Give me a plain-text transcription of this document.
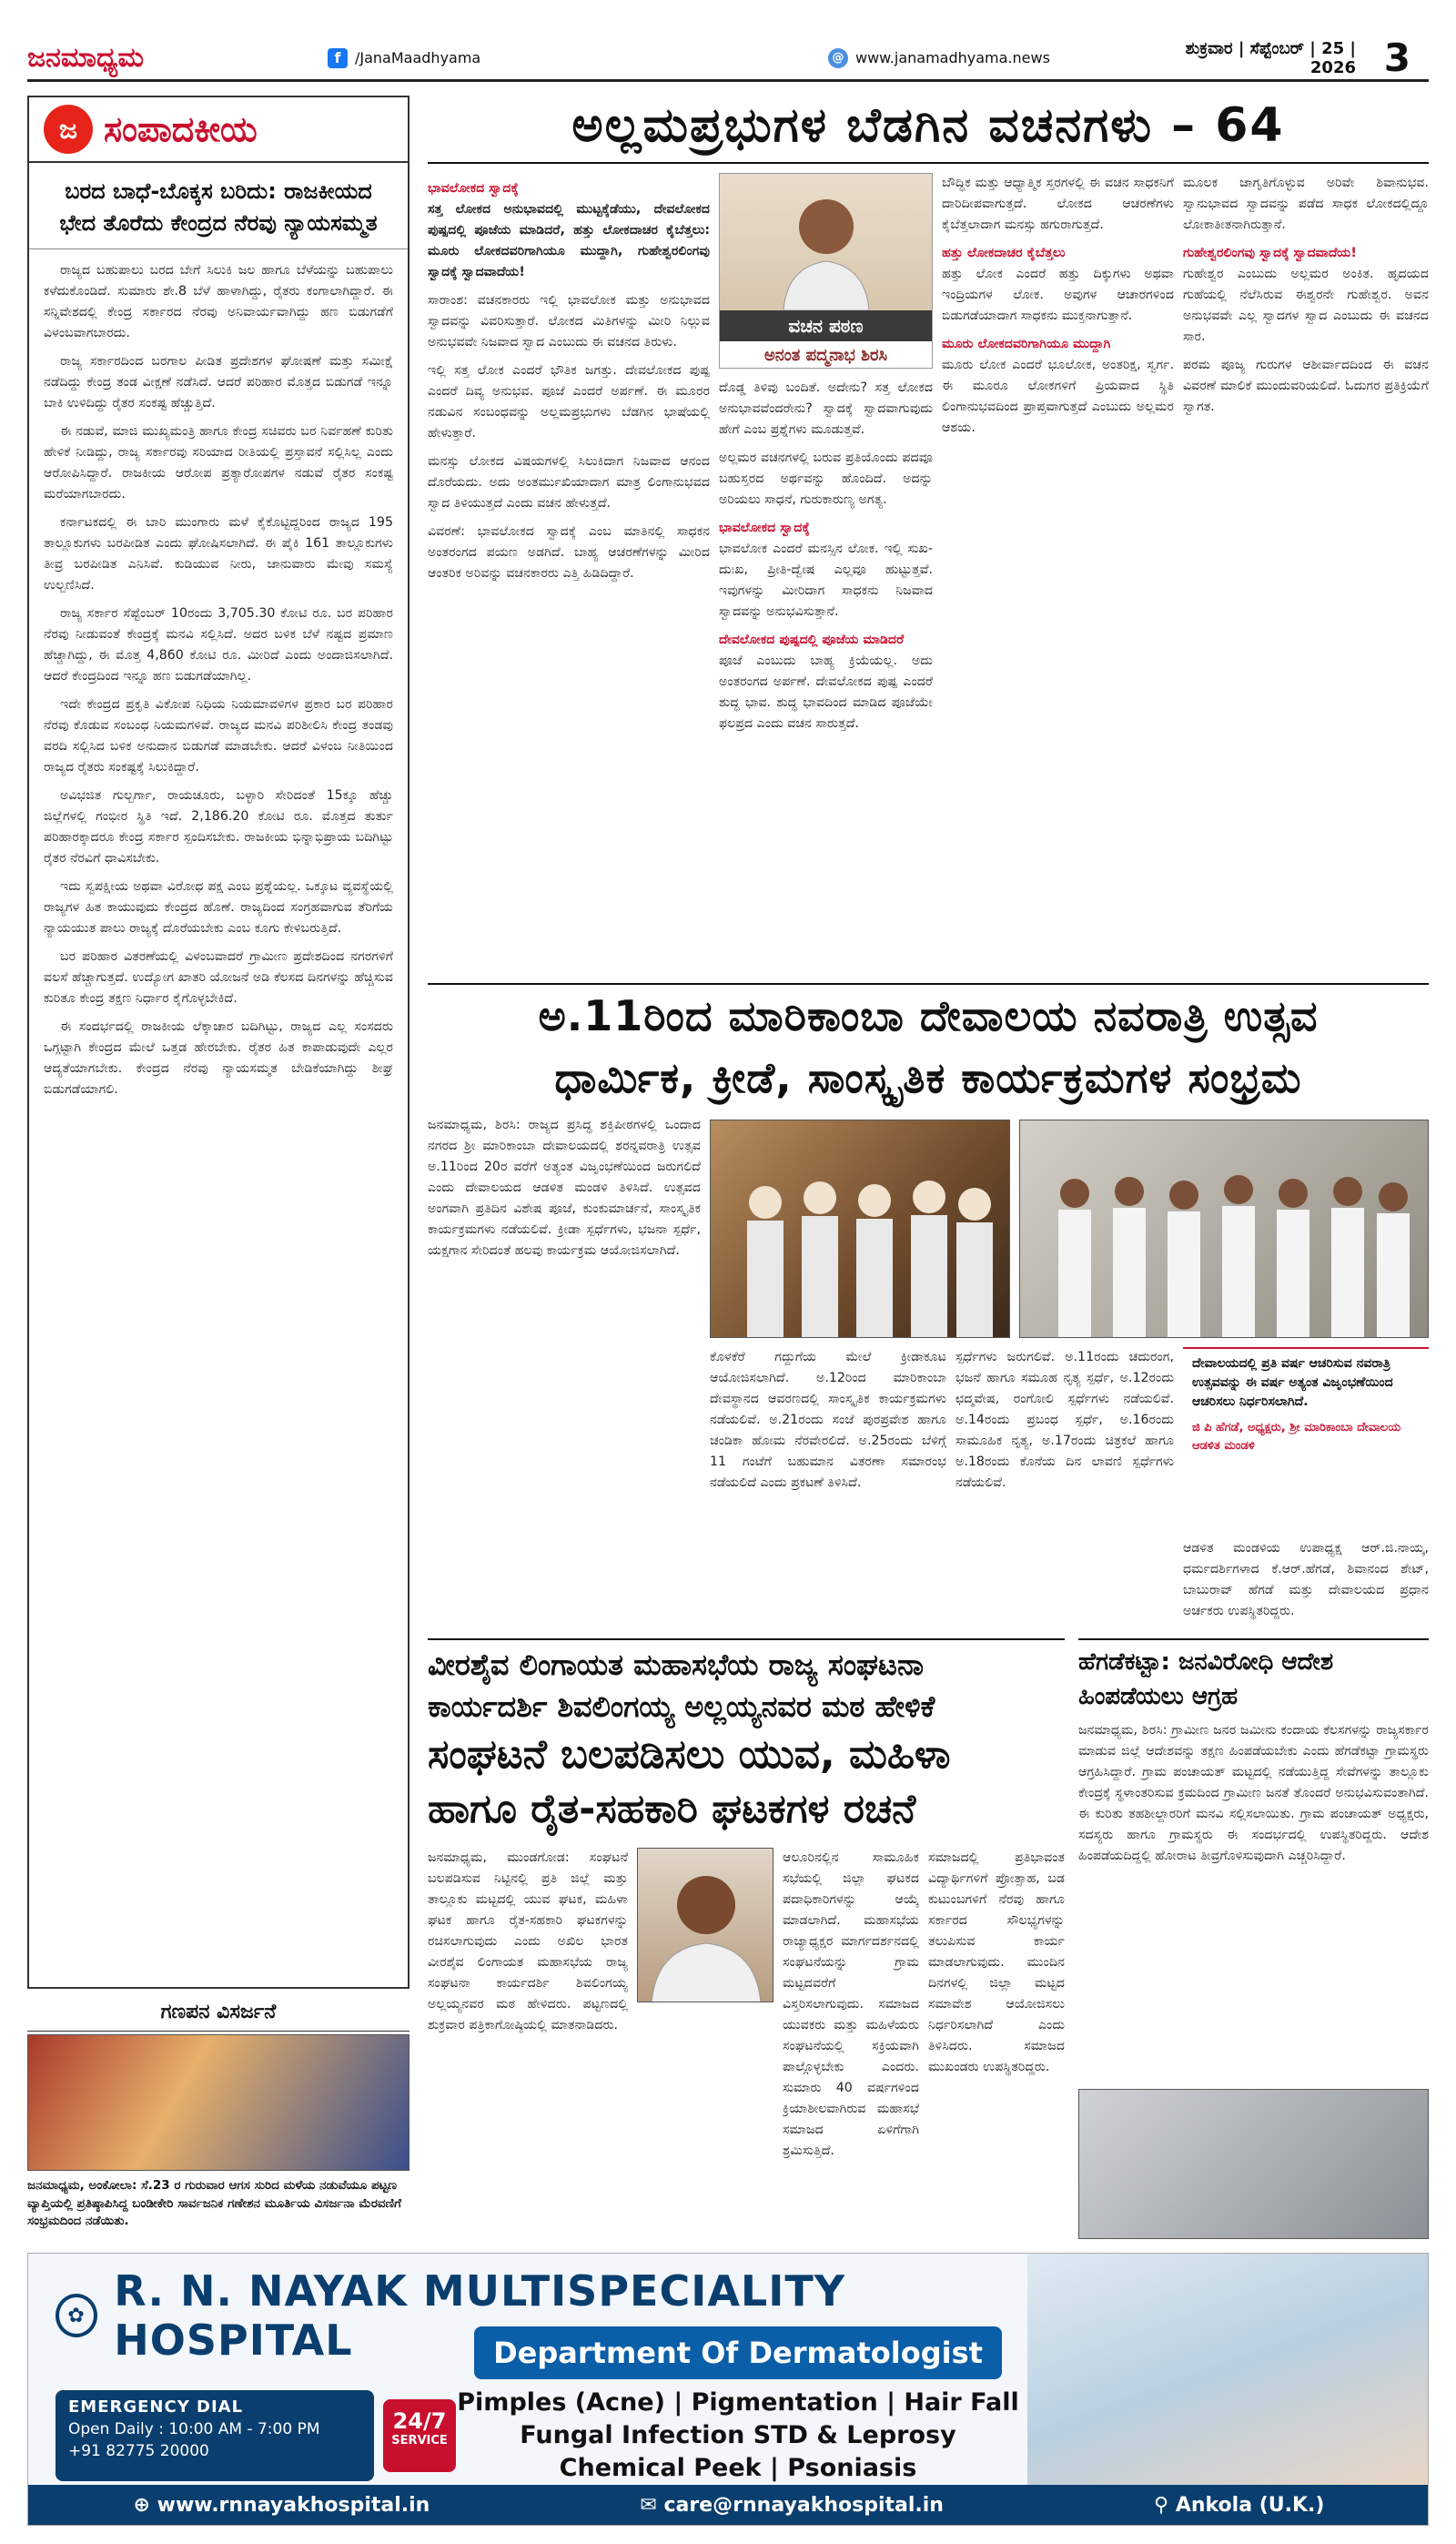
ಜನಮಾಧ್ಯಮ	f /JanaMaadhyama	@ www.janamadhyama.news	ಶುಕ್ರವಾರ | ಸೆಪ್ಟೆಂಬರ್ | 25 | 2026 3
ಜ ಸಂಪಾದಕೀಯ
ಬರದ ಬಾಧೆ-ಬೊಕ್ಕಸ ಬರಿದು: ರಾಜಕೀಯದ ಭೇದ ತೊರೆದು ಕೇಂದ್ರದ ನೆರವು ನ್ಯಾಯಸಮ್ಮತ

ರಾಜ್ಯದ ಬಹುಪಾಲು ಬರದ ಬೇಗೆ ಸಿಲುಕಿ ಜಲ ಹಾಗೂ ಬೆಳೆಯನ್ನು ಬಹುಪಾಲು ಕಳೆದುಕೊಂಡಿದೆ. ಸುಮಾರು ಶೇ.8 ಬೆಳೆ ಹಾಳಾಗಿದ್ದು, ರೈತರು ಕಂಗಾಲಾಗಿದ್ದಾರೆ. ಈ ಸನ್ನಿವೇಶದಲ್ಲಿ ಕೇಂದ್ರ ಸರ್ಕಾರದ ನೆರವು ಅನಿವಾರ್ಯವಾಗಿದ್ದು ಹಣ ಬಿಡುಗಡೆಗೆ ವಿಳಂಬವಾಗಬಾರದು.

ರಾಜ್ಯ ಸರ್ಕಾರದಿಂದ ಬರಗಾಲ ಪೀಡಿತ ಪ್ರದೇಶಗಳ ಘೋಷಣೆ ಮತ್ತು ಸಮೀಕ್ಷೆ ನಡೆದಿದ್ದು ಕೇಂದ್ರ ತಂಡ ವೀಕ್ಷಣೆ ನಡೆಸಿದೆ. ಆದರೆ ಪರಿಹಾರ ಮೊತ್ತದ ಬಿಡುಗಡೆ ಇನ್ನೂ ಬಾಕಿ ಉಳಿದಿದ್ದು ರೈತರ ಸಂಕಷ್ಟ ಹೆಚ್ಚುತ್ತಿದೆ.

ಈ ನಡುವೆ, ಮಾಜಿ ಮುಖ್ಯಮಂತ್ರಿ ಹಾಗೂ ಕೇಂದ್ರ ಸಚಿವರು ಬರ ನಿರ್ವಹಣೆ ಕುರಿತು ಹೇಳಿಕೆ ನೀಡಿದ್ದು, ರಾಜ್ಯ ಸರ್ಕಾರವು ಸರಿಯಾದ ರೀತಿಯಲ್ಲಿ ಪ್ರಸ್ತಾವನೆ ಸಲ್ಲಿಸಿಲ್ಲ ಎಂದು ಆರೋಪಿಸಿದ್ದಾರೆ. ರಾಜಕೀಯ ಆರೋಪ ಪ್ರತ್ಯಾರೋಪಗಳ ನಡುವೆ ರೈತರ ಸಂಕಷ್ಟ ಮರೆಯಾಗಬಾರದು.

ಕರ್ನಾಟಕದಲ್ಲಿ ಈ ಬಾರಿ ಮುಂಗಾರು ಮಳೆ ಕೈಕೊಟ್ಟಿದ್ದರಿಂದ ರಾಜ್ಯದ 195 ತಾಲ್ಲೂಕುಗಳು ಬರಪೀಡಿತ ಎಂದು ಘೋಷಿಸಲಾಗಿದೆ. ಈ ಪೈಕಿ 161 ತಾಲ್ಲೂಕುಗಳು ತೀವ್ರ ಬರಪೀಡಿತ ಎನಿಸಿವೆ. ಕುಡಿಯುವ ನೀರು, ಜಾನುವಾರು ಮೇವು ಸಮಸ್ಯೆ ಉಲ್ಬಣಿಸಿದೆ.

ರಾಜ್ಯ ಸರ್ಕಾರ ಸೆಪ್ಟೆಂಬರ್ 10ರಂದು 3,705.30 ಕೋಟಿ ರೂ. ಬರ ಪರಿಹಾರ ನೆರವು ನೀಡುವಂತೆ ಕೇಂದ್ರಕ್ಕೆ ಮನವಿ ಸಲ್ಲಿಸಿದೆ. ಅದರ ಬಳಿಕ ಬೆಳೆ ನಷ್ಟದ ಪ್ರಮಾಣ ಹೆಚ್ಚಾಗಿದ್ದು, ಈ ಮೊತ್ತ 4,860 ಕೋಟಿ ರೂ. ಮೀರಿದೆ ಎಂದು ಅಂದಾಜಿಸಲಾಗಿದೆ. ಆದರೆ ಕೇಂದ್ರದಿಂದ ಇನ್ನೂ ಹಣ ಬಿಡುಗಡೆಯಾಗಿಲ್ಲ.

ಇದೇ ಕೇಂದ್ರದ ಪ್ರಕೃತಿ ವಿಕೋಪ ನಿಧಿಯ ನಿಯಮಾವಳಿಗಳ ಪ್ರಕಾರ ಬರ ಪರಿಹಾರ ನೆರವು ಕೊಡುವ ಸಂಬಂಧ ನಿಯಮಗಳಿವೆ. ರಾಜ್ಯದ ಮನವಿ ಪರಿಶೀಲಿಸಿ ಕೇಂದ್ರ ತಂಡವು ವರದಿ ಸಲ್ಲಿಸಿದ ಬಳಿಕ ಅನುದಾನ ಬಿಡುಗಡೆ ಮಾಡಬೇಕು. ಆದರೆ ವಿಳಂಬ ನೀತಿಯಿಂದ ರಾಜ್ಯದ ರೈತರು ಸಂಕಷ್ಟಕ್ಕೆ ಸಿಲುಕಿದ್ದಾರೆ.

ಅವಿಭಜಿತ ಗುಲ್ಬರ್ಗಾ, ರಾಯಚೂರು, ಬಳ್ಳಾರಿ ಸೇರಿದಂತೆ 15ಕ್ಕೂ ಹೆಚ್ಚು ಜಿಲ್ಲೆಗಳಲ್ಲಿ ಗಂಭೀರ ಸ್ಥಿತಿ ಇದೆ. 2,186.20 ಕೋಟಿ ರೂ. ಮೊತ್ತದ ತುರ್ತು ಪರಿಹಾರಕ್ಕಾದರೂ ಕೇಂದ್ರ ಸರ್ಕಾರ ಸ್ಪಂದಿಸಬೇಕು. ರಾಜಕೀಯ ಭಿನ್ನಾಭಿಪ್ರಾಯ ಬದಿಗಿಟ್ಟು ರೈತರ ನೆರವಿಗೆ ಧಾವಿಸಬೇಕು.

ಇದು ಸ್ವಪಕ್ಷೀಯ ಅಥವಾ ವಿರೋಧ ಪಕ್ಷ ಎಂಬ ಪ್ರಶ್ನೆಯಲ್ಲ. ಒಕ್ಕೂಟ ವ್ಯವಸ್ಥೆಯಲ್ಲಿ ರಾಜ್ಯಗಳ ಹಿತ ಕಾಯುವುದು ಕೇಂದ್ರದ ಹೊಣೆ. ರಾಜ್ಯದಿಂದ ಸಂಗ್ರಹವಾಗುವ ತೆರಿಗೆಯ ನ್ಯಾಯಯುತ ಪಾಲು ರಾಜ್ಯಕ್ಕೆ ದೊರೆಯಬೇಕು ಎಂಬ ಕೂಗು ಕೇಳಿಬರುತ್ತಿದೆ.

ಬರ ಪರಿಹಾರ ವಿತರಣೆಯಲ್ಲಿ ವಿಳಂಬವಾದರೆ ಗ್ರಾಮೀಣ ಪ್ರದೇಶದಿಂದ ನಗರಗಳಿಗೆ ವಲಸೆ ಹೆಚ್ಚಾಗುತ್ತದೆ. ಉದ್ಯೋಗ ಖಾತರಿ ಯೋಜನೆ ಅಡಿ ಕೆಲಸದ ದಿನಗಳನ್ನು ಹೆಚ್ಚಿಸುವ ಕುರಿತೂ ಕೇಂದ್ರ ತಕ್ಷಣ ನಿರ್ಧಾರ ಕೈಗೊಳ್ಳಬೇಕಿದೆ.

ಈ ಸಂದರ್ಭದಲ್ಲಿ ರಾಜಕೀಯ ಲೆಕ್ಕಾಚಾರ ಬದಿಗಿಟ್ಟು, ರಾಜ್ಯದ ಎಲ್ಲ ಸಂಸದರು ಒಗ್ಗಟ್ಟಾಗಿ ಕೇಂದ್ರದ ಮೇಲೆ ಒತ್ತಡ ಹೇರಬೇಕು. ರೈತರ ಹಿತ ಕಾಪಾಡುವುದೇ ಎಲ್ಲರ ಆದ್ಯತೆಯಾಗಬೇಕು. ಕೇಂದ್ರದ ನೆರವು ನ್ಯಾಯಸಮ್ಮತ ಬೇಡಿಕೆಯಾಗಿದ್ದು ಶೀಘ್ರ ಬಿಡುಗಡೆಯಾಗಲಿ.

ಅಲ್ಲಮಪ್ರಭುಗಳ ಬೆಡಗಿನ ವಚನಗಳು – 64
ಭಾವಲೋಕದ ಸ್ವಾದಕ್ಕೆ

ಸತ್ತ ಲೋಕದ ಅನುಭಾವದಲ್ಲಿ ಮುಟ್ಟಕ್ಕೆಡೆಯು, ದೇವಲೋಕದ ಪುಷ್ಪದಲ್ಲಿ ಪೂಜೆಯ ಮಾಡಿದರೆ, ಹತ್ತು ಲೋಕದಾಚರ ಕೈಬೆತ್ತಲು: ಮೂರು ಲೋಕದವರಿಗಾಗಿಯೂ ಮುದ್ದಾಗಿ, ಗುಹೇಶ್ವರಲಿಂಗವು ಸ್ವಾದಕ್ಕೆ ಸ್ವಾದವಾದೆಯ!

ಸಾರಾಂಶ: ವಚನಕಾರರು ಇಲ್ಲಿ ಭಾವಲೋಕ ಮತ್ತು ಅನುಭಾವದ ಸ್ವಾದವನ್ನು ವಿವರಿಸುತ್ತಾರೆ. ಲೋಕದ ಮಿತಿಗಳನ್ನು ಮೀರಿ ನಿಲ್ಲುವ ಅನುಭವವೇ ನಿಜವಾದ ಸ್ವಾದ ಎಂಬುದು ಈ ವಚನದ ತಿರುಳು.

ಇಲ್ಲಿ ಸತ್ತ ಲೋಕ ಎಂದರೆ ಭೌತಿಕ ಜಗತ್ತು. ದೇವಲೋಕದ ಪುಷ್ಪ ಎಂದರೆ ದಿವ್ಯ ಅನುಭವ. ಪೂಜೆ ಎಂದರೆ ಅರ್ಪಣೆ. ಈ ಮೂರರ ನಡುವಿನ ಸಂಬಂಧವನ್ನು ಅಲ್ಲಮಪ್ರಭುಗಳು ಬೆಡಗಿನ ಭಾಷೆಯಲ್ಲಿ ಹೇಳುತ್ತಾರೆ.

ಮನಸ್ಸು ಲೋಕದ ವಿಷಯಗಳಲ್ಲಿ ಸಿಲುಕಿದಾಗ ನಿಜವಾದ ಆನಂದ ದೊರೆಯದು. ಅದು ಅಂತರ್ಮುಖಿಯಾದಾಗ ಮಾತ್ರ ಲಿಂಗಾನುಭವದ ಸ್ವಾದ ತಿಳಿಯುತ್ತದೆ ಎಂದು ವಚನ ಹೇಳುತ್ತದೆ.

ವಿವರಣೆ: ಭಾವಲೋಕದ ಸ್ವಾದಕ್ಕೆ ಎಂಬ ಮಾತಿನಲ್ಲಿ ಸಾಧಕನ ಅಂತರಂಗದ ಪಯಣ ಅಡಗಿದೆ. ಬಾಹ್ಯ ಆಚರಣೆಗಳನ್ನು ಮೀರಿದ ಆಂತರಿಕ ಅರಿವನ್ನು ವಚನಕಾರರು ಎತ್ತಿ ಹಿಡಿದಿದ್ದಾರೆ.

ವಚನ ಪಠಣ
ಅನಂತ ಪದ್ಮನಾಭ ಶಿರಸಿ

ದೊಡ್ಡ ತಿಳಿವು ಬಂದಿತೆ. ಅದೇನು? ಸತ್ತ ಲೋಕದ ಅನುಭಾವವೆಂದರೇನು? ಸ್ವಾದಕ್ಕೆ ಸ್ವಾದವಾಗುವುದು ಹೇಗೆ ಎಂಬ ಪ್ರಶ್ನೆಗಳು ಮೂಡುತ್ತವೆ.

ಅಲ್ಲಮರ ವಚನಗಳಲ್ಲಿ ಬರುವ ಪ್ರತಿಯೊಂದು ಪದವೂ ಬಹುಸ್ತರದ ಅರ್ಥವನ್ನು ಹೊಂದಿದೆ. ಅದನ್ನು ಅರಿಯಲು ಸಾಧನೆ, ಗುರುಕಾರುಣ್ಯ ಅಗತ್ಯ.

ಭಾವಲೋಕದ ಸ್ವಾದಕ್ಕೆ

ಭಾವಲೋಕ ಎಂದರೆ ಮನಸ್ಸಿನ ಲೋಕ. ಇಲ್ಲಿ ಸುಖ-ದುಃಖ, ಪ್ರೀತಿ-ದ್ವೇಷ ಎಲ್ಲವೂ ಹುಟ್ಟುತ್ತವೆ. ಇವುಗಳನ್ನು ಮೀರಿದಾಗ ಸಾಧಕನು ನಿಜವಾದ ಸ್ವಾದವನ್ನು ಅನುಭವಿಸುತ್ತಾನೆ.

ದೇವಲೋಕದ ಪುಷ್ಪದಲ್ಲಿ ಪೂಜೆಯ ಮಾಡಿದರೆ

ಪೂಜೆ ಎಂಬುದು ಬಾಹ್ಯ ಕ್ರಿಯೆಯಲ್ಲ. ಅದು ಅಂತರಂಗದ ಅರ್ಪಣೆ. ದೇವಲೋಕದ ಪುಷ್ಪ ಎಂದರೆ ಶುದ್ಧ ಭಾವ. ಶುದ್ಧ ಭಾವದಿಂದ ಮಾಡಿದ ಪೂಜೆಯೇ ಫಲಪ್ರದ ಎಂದು ವಚನ ಸಾರುತ್ತದೆ.

ಬೌದ್ಧಿಕ ಮತ್ತು ಆಧ್ಯಾತ್ಮಿಕ ಸ್ತರಗಳಲ್ಲಿ ಈ ವಚನ ಸಾಧಕನಿಗೆ ದಾರಿದೀಪವಾಗುತ್ತದೆ. ಲೋಕದ ಆಚರಣೆಗಳು ಕೈಬೆತ್ತಲಾದಾಗ ಮನಸ್ಸು ಹಗುರಾಗುತ್ತದೆ.

ಹತ್ತು ಲೋಕದಾಚರ ಕೈಬೆತ್ತಲು

ಹತ್ತು ಲೋಕ ಎಂದರೆ ಹತ್ತು ದಿಕ್ಕುಗಳು ಅಥವಾ ಇಂದ್ರಿಯಗಳ ಲೋಕ. ಅವುಗಳ ಆಚಾರಗಳಿಂದ ಬಿಡುಗಡೆಯಾದಾಗ ಸಾಧಕನು ಮುಕ್ತನಾಗುತ್ತಾನೆ.

ಮೂರು ಲೋಕದವರಿಗಾಗಿಯೂ ಮುದ್ದಾಗಿ

ಮೂರು ಲೋಕ ಎಂದರೆ ಭೂಲೋಕ, ಅಂತರಿಕ್ಷ, ಸ್ವರ್ಗ. ಈ ಮೂರೂ ಲೋಕಗಳಿಗೆ ಪ್ರಿಯವಾದ ಸ್ಥಿತಿ ಲಿಂಗಾನುಭವದಿಂದ ಪ್ರಾಪ್ತವಾಗುತ್ತದೆ ಎಂಬುದು ಅಲ್ಲಮರ ಆಶಯ.

ಮೂಲಕ ಜಾಗೃತಿಗೊಳ್ಳುವ ಅರಿವೇ ಶಿವಾನುಭವ. ಸ್ವಾನುಭಾವದ ಸ್ವಾದವನ್ನು ಪಡೆದ ಸಾಧಕ ಲೋಕದಲ್ಲಿದ್ದೂ ಲೋಕಾತೀತನಾಗಿರುತ್ತಾನೆ.

ಗುಹೇಶ್ವರಲಿಂಗವು ಸ್ವಾದಕ್ಕೆ ಸ್ವಾದವಾದೆಯ!

ಗುಹೇಶ್ವರ ಎಂಬುದು ಅಲ್ಲಮರ ಅಂಕಿತ. ಹೃದಯದ ಗುಹೆಯಲ್ಲಿ ನೆಲೆಸಿರುವ ಈಶ್ವರನೇ ಗುಹೇಶ್ವರ. ಅವನ ಅನುಭವವೇ ಎಲ್ಲ ಸ್ವಾದಗಳ ಸ್ವಾದ ಎಂಬುದು ಈ ವಚನದ ಸಾರ.

ಪರಮ ಪೂಜ್ಯ ಗುರುಗಳ ಆಶೀರ್ವಾದದಿಂದ ಈ ವಚನ ವಿವರಣೆ ಮಾಲಿಕೆ ಮುಂದುವರಿಯಲಿದೆ. ಓದುಗರ ಪ್ರತಿಕ್ರಿಯೆಗೆ ಸ್ವಾಗತ.

ಅ.11ರಿಂದ ಮಾರಿಕಾಂಬಾ ದೇವಾಲಯ ನವರಾತ್ರಿ ಉತ್ಸವ
ಧಾರ್ಮಿಕ, ಕ್ರೀಡೆ, ಸಾಂಸ್ಕೃತಿಕ ಕಾರ್ಯಕ್ರಮಗಳ ಸಂಭ್ರಮ

ಜನಮಾಧ್ಯಮ, ಶಿರಸಿ: ರಾಜ್ಯದ ಪ್ರಸಿದ್ಧ ಶಕ್ತಿಪೀಠಗಳಲ್ಲಿ ಒಂದಾದ ನಗರದ ಶ್ರೀ ಮಾರಿಕಾಂಬಾ ದೇವಾಲಯದಲ್ಲಿ ಶರನ್ನವರಾತ್ರಿ ಉತ್ಸವ ಅ.11ರಿಂದ 20ರ ವರೆಗೆ ಅತ್ಯಂತ ವಿಜೃಂಭಣೆಯಿಂದ ಜರುಗಲಿದೆ ಎಂದು ದೇವಾಲಯದ ಆಡಳಿತ ಮಂಡಳಿ ತಿಳಿಸಿದೆ. ಉತ್ಸವದ ಅಂಗವಾಗಿ ಪ್ರತಿದಿನ ವಿಶೇಷ ಪೂಜೆ, ಕುಂಕುಮಾರ್ಚನೆ, ಸಾಂಸ್ಕೃತಿಕ ಕಾರ್ಯಕ್ರಮಗಳು ನಡೆಯಲಿವೆ. ಕ್ರೀಡಾ ಸ್ಪರ್ಧೆಗಳು, ಭಜನಾ ಸ್ಪರ್ಧೆ, ಯಕ್ಷಗಾನ ಸೇರಿದಂತೆ ಹಲವು ಕಾರ್ಯಕ್ರಮ ಆಯೋಜಿಸಲಾಗಿದೆ.

ಕೊಳಕೆರೆ ಗದ್ದುಗೆಯ ಮೇಲೆ ಕ್ರೀಡಾಕೂಟ ಆಯೋಜಿಸಲಾಗಿದೆ. ಅ.12ರಿಂದ ಮಾರಿಕಾಂಬಾ ದೇವಸ್ಥಾನದ ಆವರಣದಲ್ಲಿ ಸಾಂಸ್ಕೃತಿಕ ಕಾರ್ಯಕ್ರಮಗಳು ನಡೆಯಲಿವೆ. ಅ.21ರಂದು ಸಂಜೆ ಪುರಪ್ರವೇಶ ಹಾಗೂ ಚಂಡಿಕಾ ಹೋಮ ನೆರವೇರಲಿದೆ. ಅ.25ರಂದು ಬೆಳಿಗ್ಗೆ 11 ಗಂಟೆಗೆ ಬಹುಮಾನ ವಿತರಣಾ ಸಮಾರಂಭ ನಡೆಯಲಿದೆ ಎಂದು ಪ್ರಕಟಣೆ ತಿಳಿಸಿದೆ.

ಸ್ಪರ್ಧೆಗಳು ಜರುಗಲಿವೆ. ಅ.11ರಂದು ಚದುರಂಗ, ಭಜನೆ ಹಾಗೂ ಸಮೂಹ ನೃತ್ಯ ಸ್ಪರ್ಧೆ, ಅ.12ರಂದು ಛದ್ಮವೇಷ, ರಂಗೋಲಿ ಸ್ಪರ್ಧೆಗಳು ನಡೆಯಲಿವೆ. ಅ.14ರಂದು ಪ್ರಬಂಧ ಸ್ಪರ್ಧೆ, ಅ.16ರಂದು ಸಾಮೂಹಿಕ ನೃತ್ಯ, ಅ.17ರಂದು ಚಿತ್ರಕಲೆ ಹಾಗೂ ಅ.18ರಂದು ಕೊನೆಯ ದಿನ ಲಾವಣಿ ಸ್ಪರ್ಧೆಗಳು ನಡೆಯಲಿವೆ.

ದೇವಾಲಯದಲ್ಲಿ ಪ್ರತಿ ವರ್ಷ ಆಚರಿಸುವ ನವರಾತ್ರಿ ಉತ್ಸವವನ್ನು ಈ ವರ್ಷ ಅತ್ಯಂತ ವಿಜೃಂಭಣೆಯಿಂದ ಆಚರಿಸಲು ನಿರ್ಧರಿಸಲಾಗಿದೆ.
ಜಿ ಪಿ ಹೆಗಡೆ, ಅಧ್ಯಕ್ಷರು, ಶ್ರೀ ಮಾರಿಕಾಂಬಾ ದೇವಾಲಯ ಆಡಳಿತ ಮಂಡಳಿ

ಆಡಳಿತ ಮಂಡಳಿಯ ಉಪಾಧ್ಯಕ್ಷ ಆರ್.ಜಿ.ನಾಯ್ಕ, ಧರ್ಮದರ್ಶಿಗಳಾದ ಕೆ.ಆರ್.ಹೆಗಡೆ, ಶಿವಾನಂದ ಶೇಟ್, ಬಾಬುರಾವ್ ಹೆಗಡೆ ಮತ್ತು ದೇವಾಲಯದ ಪ್ರಧಾನ ಅರ್ಚಕರು ಉಪಸ್ಥಿತರಿದ್ದರು.

ಗಣಪನ ವಿಸರ್ಜನೆ
ಜನಮಾಧ್ಯಮ, ಅಂಕೋಲಾ: ಸೆ.23 ರ ಗುರುವಾರ ಆಗಸ ಸುರಿದ ಮಳೆಯ ನಡುವೆಯೂ ಪಟ್ಟಣ ವ್ಯಾಪ್ತಿಯಲ್ಲಿ ಪ್ರತಿಷ್ಠಾಪಿಸಿದ್ದ ಬಂಡೀಕೇರಿ ಸಾರ್ವಜನಿಕ ಗಣೇಶನ ಮೂರ್ತಿಯ ವಿಸರ್ಜನಾ ಮೆರವಣಿಗೆ ಸಂಭ್ರಮದಿಂದ ನಡೆಯಿತು.
ವೀರಶೈವ ಲಿಂಗಾಯತ ಮಹಾಸಭೆಯ ರಾಜ್ಯ ಸಂಘಟನಾ
ಕಾರ್ಯದರ್ಶಿ ಶಿವಲಿಂಗಯ್ಯ ಅಲ್ಲಯ್ಯನವರ ಮಠ ಹೇಳಿಕೆ
ಸಂಘಟನೆ ಬಲಪಡಿಸಲು ಯುವ, ಮಹಿಳಾ
ಹಾಗೂ ರೈತ-ಸಹಕಾರಿ ಘಟಕಗಳ ರಚನೆ

ಜನಮಾಧ್ಯಮ, ಮುಂಡಗೋಡ: ಸಂಘಟನೆ ಬಲಪಡಿಸುವ ನಿಟ್ಟಿನಲ್ಲಿ ಪ್ರತಿ ಜಿಲ್ಲೆ ಮತ್ತು ತಾಲ್ಲೂಕು ಮಟ್ಟದಲ್ಲಿ ಯುವ ಘಟಕ, ಮಹಿಳಾ ಘಟಕ ಹಾಗೂ ರೈತ-ಸಹಕಾರಿ ಘಟಕಗಳನ್ನು ರಚಿಸಲಾಗುವುದು ಎಂದು ಅಖಿಲ ಭಾರತ ವೀರಶೈವ ಲಿಂಗಾಯತ ಮಹಾಸಭೆಯ ರಾಜ್ಯ ಸಂಘಟನಾ ಕಾರ್ಯದರ್ಶಿ ಶಿವಲಿಂಗಯ್ಯ ಅಲ್ಲಯ್ಯನವರ ಮಠ ಹೇಳಿದರು. ಪಟ್ಟಣದಲ್ಲಿ ಶುಕ್ರವಾರ ಪತ್ರಿಕಾಗೋಷ್ಠಿಯಲ್ಲಿ ಮಾತನಾಡಿದರು.

ಆಲೂರಿನಲ್ಲಿನ ಸಾಮೂಹಿಕ ಸಭೆಯಲ್ಲಿ ಜಿಲ್ಲಾ ಘಟಕದ ಪದಾಧಿಕಾರಿಗಳನ್ನು ಆಯ್ಕೆ ಮಾಡಲಾಗಿದೆ. ಮಹಾಸಭೆಯ ರಾಜ್ಯಾಧ್ಯಕ್ಷರ ಮಾರ್ಗದರ್ಶನದಲ್ಲಿ ಸಂಘಟನೆಯನ್ನು ಗ್ರಾಮ ಮಟ್ಟದವರೆಗೆ ವಿಸ್ತರಿಸಲಾಗುವುದು. ಸಮಾಜದ ಯುವಕರು ಮತ್ತು ಮಹಿಳೆಯರು ಸಂಘಟನೆಯಲ್ಲಿ ಸಕ್ರಿಯವಾಗಿ ಪಾಲ್ಗೊಳ್ಳಬೇಕು ಎಂದರು. ಸುಮಾರು 40 ವರ್ಷಗಳಿಂದ ಕ್ರಿಯಾಶೀಲವಾಗಿರುವ ಮಹಾಸಭೆ ಸಮಾಜದ ಏಳಿಗೆಗಾಗಿ ಶ್ರಮಿಸುತ್ತಿದೆ.

ಸಮಾಜದಲ್ಲಿ ಪ್ರತಿಭಾವಂತ ವಿದ್ಯಾರ್ಥಿಗಳಿಗೆ ಪ್ರೋತ್ಸಾಹ, ಬಡ ಕುಟುಂಬಗಳಿಗೆ ನೆರವು ಹಾಗೂ ಸರ್ಕಾರದ ಸೌಲಭ್ಯಗಳನ್ನು ತಲುಪಿಸುವ ಕಾರ್ಯ ಮಾಡಲಾಗುವುದು. ಮುಂದಿನ ದಿನಗಳಲ್ಲಿ ಜಿಲ್ಲಾ ಮಟ್ಟದ ಸಮಾವೇಶ ಆಯೋಜಿಸಲು ನಿರ್ಧರಿಸಲಾಗಿದೆ ಎಂದು ತಿಳಿಸಿದರು. ಸಮಾಜದ ಮುಖಂಡರು ಉಪಸ್ಥಿತರಿದ್ದರು.

ಹೆಗಡೆಕಟ್ಟಾ: ಜನವಿರೋಧಿ ಆದೇಶ
ಹಿಂಪಡೆಯಲು ಆಗ್ರಹ

ಜನಮಾಧ್ಯಮ, ಶಿರಸಿ: ಗ್ರಾಮೀಣ ಜನರ ಜಮೀನು ಕಂದಾಯ ಕೆಲಸಗಳನ್ನು ರಾಜ್ಯಸರ್ಕಾರ ಮಾಡುವ ಜಿಲ್ಲೆ ಆದೇಶವನ್ನು ತಕ್ಷಣ ಹಿಂಪಡೆಯಬೇಕು ಎಂದು ಹೆಗಡೆಕಟ್ಟಾ ಗ್ರಾಮಸ್ಥರು ಆಗ್ರಹಿಸಿದ್ದಾರೆ. ಗ್ರಾಮ ಪಂಚಾಯತ್ ಮಟ್ಟದಲ್ಲಿ ನಡೆಯುತ್ತಿದ್ದ ಸೇವೆಗಳನ್ನು ತಾಲ್ಲೂಕು ಕೇಂದ್ರಕ್ಕೆ ಸ್ಥಳಾಂತರಿಸುವ ಕ್ರಮದಿಂದ ಗ್ರಾಮೀಣ ಜನತೆ ತೊಂದರೆ ಅನುಭವಿಸುವಂತಾಗಿದೆ. ಈ ಕುರಿತು ತಹಶೀಲ್ದಾರರಿಗೆ ಮನವಿ ಸಲ್ಲಿಸಲಾಯಿತು. ಗ್ರಾಮ ಪಂಚಾಯತ್ ಅಧ್ಯಕ್ಷರು, ಸದಸ್ಯರು ಹಾಗೂ ಗ್ರಾಮಸ್ಥರು ಈ ಸಂದರ್ಭದಲ್ಲಿ ಉಪಸ್ಥಿತರಿದ್ದರು. ಆದೇಶ ಹಿಂಪಡೆಯದಿದ್ದಲ್ಲಿ ಹೋರಾಟ ತೀವ್ರಗೊಳಿಸುವುದಾಗಿ ಎಚ್ಚರಿಸಿದ್ದಾರೆ.

✿ R. N. NAYAK MULTISPECIALITY HOSPITAL	Department Of Dermatologist
Pimples (Acne) | Pigmentation | Hair Fall
Fungal Infection STD & Leprosy
Chemical Peek | Psoniasis
EMERGENCY DIAL
Open Daily : 10:00 AM - 7:00 PM
+91 82775 20000
24/7
SERVICE
⊕ www.rnnayakhospital.in	✉ care@rnnayakhospital.in	⚲ Ankola (U.K.)
